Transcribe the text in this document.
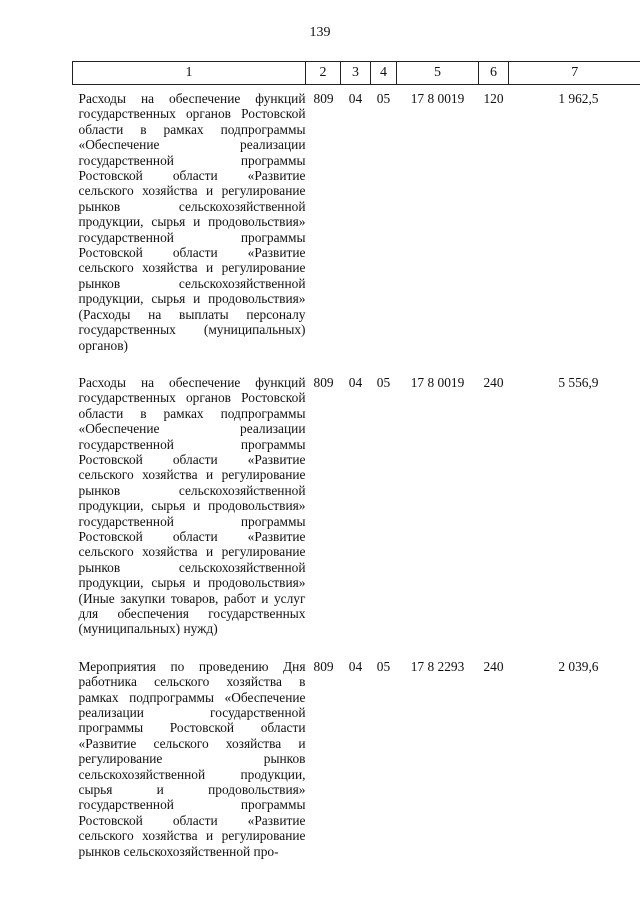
139
1	2	3	4	5	6	7
Расходы на обеспечение функций государственных органов Ростовской области в рамках подпрограммы «Обеспечение реализации государственной программы Ростовской области «Развитие сельского хозяйства и регулирование рынков сельскохозяйственной продукции, сырья и продовольствия» государственной программы Ростовской области «Развитие сельского хозяйства и регулирование рынков сельскохозяйственной продукции, сырья и продовольствия» (Расходы на выплаты персоналу государственных (муниципальных) органов)	809	04	05	17 8 0019	120	1 962,5
Расходы на обеспечение функций государственных органов Ростовской области в рамках подпрограммы «Обеспечение реализации государственной программы Ростовской области «Развитие сельского хозяйства и регулирование рынков сельскохозяйственной продукции, сырья и продовольствия» государственной программы Ростовской области «Развитие сельского хозяйства и регулирование рынков сельскохозяйственной продукции, сырья и продовольствия» (Иные закупки товаров, работ и услуг для обеспечения государственных (муниципальных) нужд)	809	04	05	17 8 0019	240	5 556,9
Мероприятия по проведению Дня работника сельского хозяйства в рамках подпрограммы «Обеспечение реализации государственной программы Ростовской области «Развитие сельского хозяйства и регулирование рынков сельскохозяйственной продукции, сырья и продовольствия» государственной программы Ростовской области «Развитие сельского хозяйства и регулирование рынков сельскохозяйственной про-	809	04	05	17 8 2293	240	2 039,6
